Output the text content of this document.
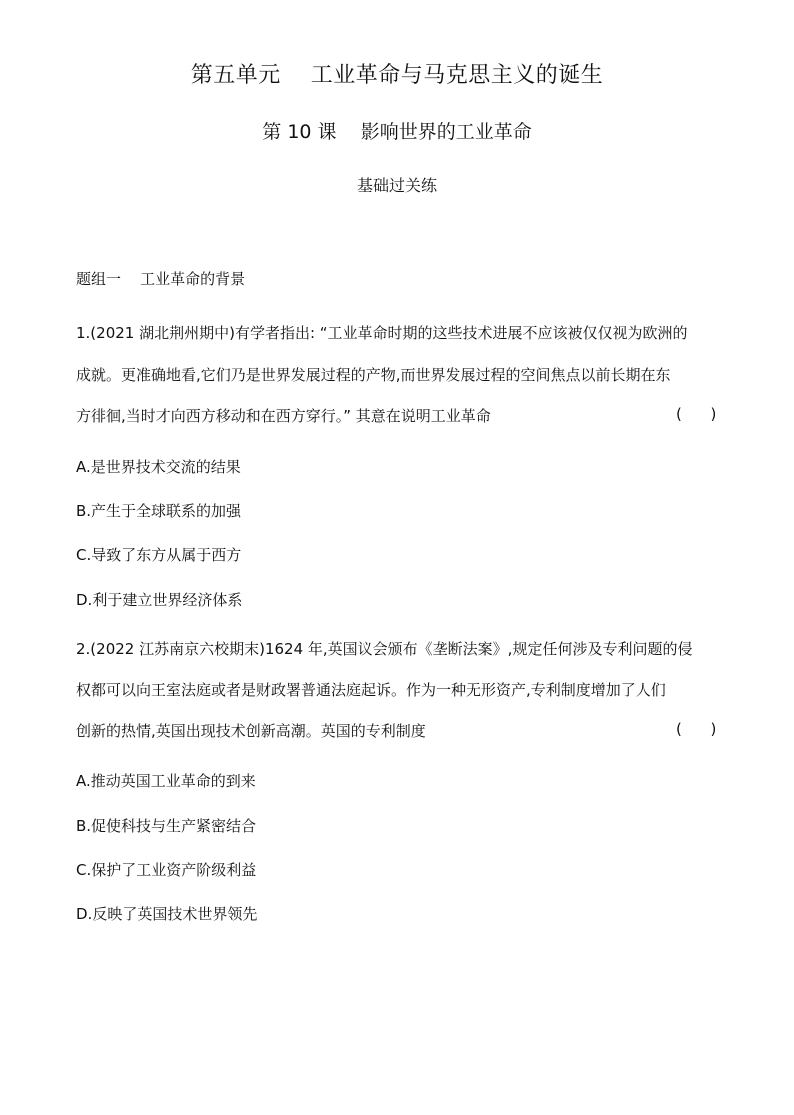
第五单元    工业革命与马克思主义的诞生
第 10 课    影响世界的工业革命
基础过关练
题组一    工业革命的背景
1.(2021 湖北荆州期中)有学者指出: “工业革命时期的这些技术进展不应该被仅仅视为欧洲的
成就。更准确地看,它们乃是世界发展过程的产物,而世界发展过程的空间焦点以前长期在东
方徘徊,当时才向西方移动和在西方穿行。” 其意在说明工业革命	(      )
A.是世界技术交流的结果
B.产生于全球联系的加强
C.导致了东方从属于西方
D.利于建立世界经济体系
2.(2022 江苏南京六校期末)1624 年,英国议会颁布《垄断法案》,规定任何涉及专利问题的侵
权都可以向王室法庭或者是财政署普通法庭起诉。作为一种无形资产,专利制度增加了人们
创新的热情,英国出现技术创新高潮。英国的专利制度	(      )
A.推动英国工业革命的到来
B.促使科技与生产紧密结合
C.保护了工业资产阶级利益
D.反映了英国技术世界领先
